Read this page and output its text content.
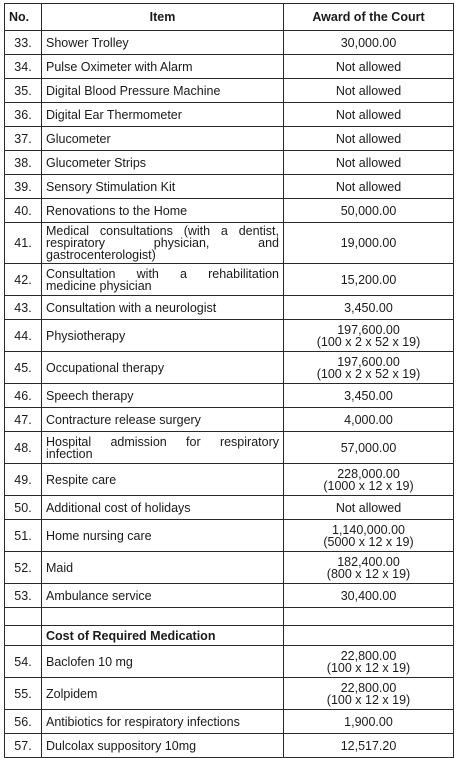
No.	Item	Award of the Court
33.	Shower Trolley	30,000.00

34.	Pulse Oximeter with Alarm	Not allowed

35.	Digital Blood Pressure Machine	Not allowed

36.	Digital Ear Thermometer	Not allowed

37.	Glucometer	Not allowed

38.	Glucometer Strips	Not allowed

39.	Sensory Stimulation Kit	Not allowed

40.	Renovations to the Home	50,000.00

41.	Medical consultations (with a dentist, respiratory physician, and gastrocenterologist)	19,000.00

42.	Consultation with a rehabilitation medicine physician	15,200.00

43.	Consultation with a neurologist	3,450.00

44.	Physiotherapy	197,600.00
(100 x 2 x 52 x 19)

45.	Occupational therapy	197,600.00
(100 x 2 x 52 x 19)

46.	Speech therapy	3,450.00

47.	Contracture release surgery	4,000.00

48.	Hospital admission for respiratory infection	57,000.00

49.	Respite care	228,000.00
(1000 x 12 x 19)

50.	Additional cost of holidays	Not allowed

51.	Home nursing care	1,140,000.00
(5000 x 12 x 19)

52.	Maid	182,400.00
(800 x 12 x 19)

53.	Ambulance service	30,400.00

	Cost of Required Medication	
54.	Baclofen 10 mg	22,800.00
(100 x 12 x 19)

55.	Zolpidem	22,800.00
(100 x 12 x 19)

56.	Antibiotics for respiratory infections	1,900.00

57.	Dulcolax suppository 10mg	12,517.20
